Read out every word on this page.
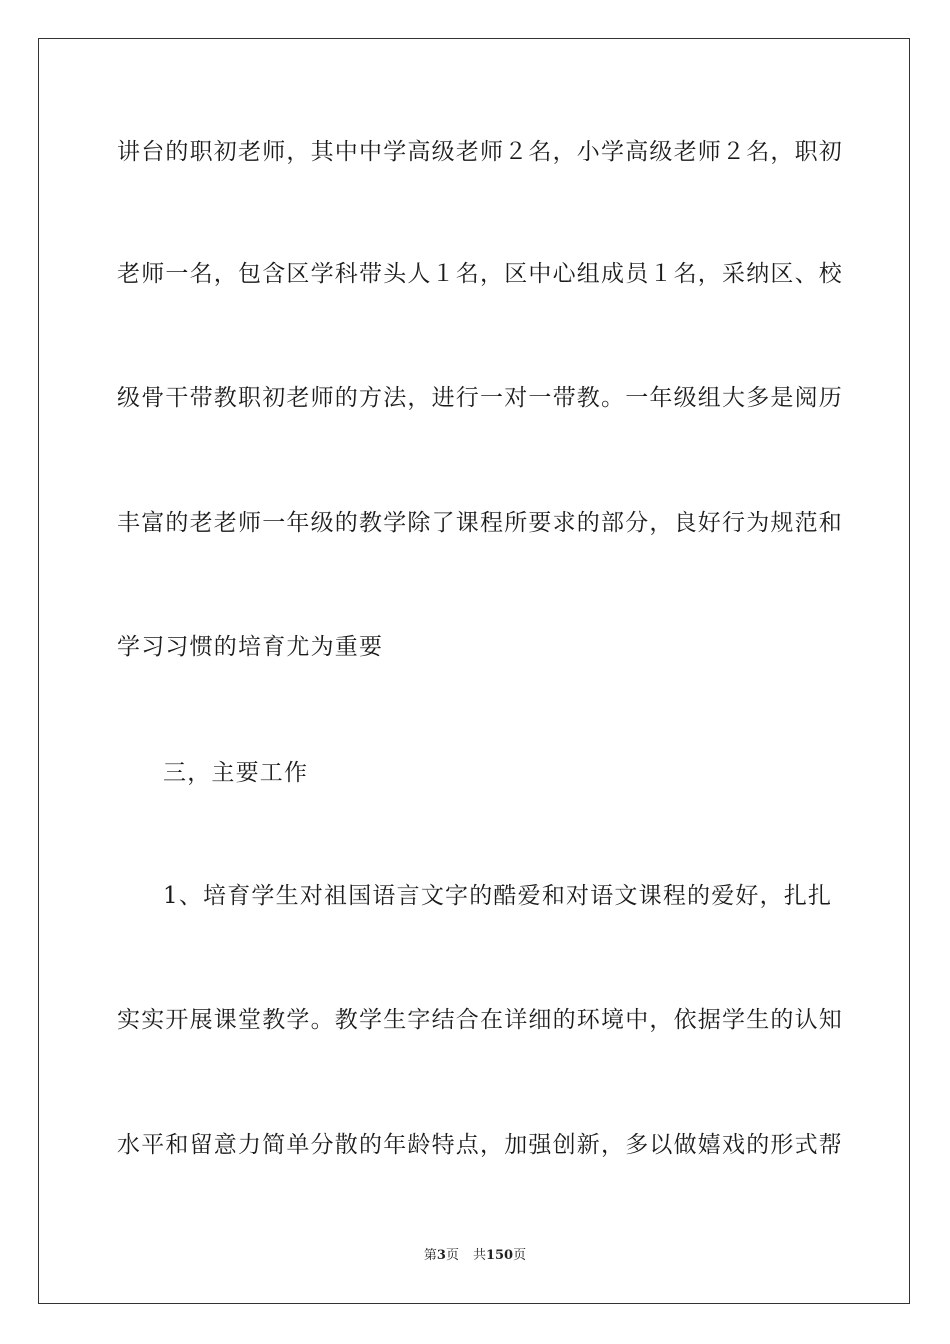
讲台的职初老师，其中中学高级老师２名，小学高级老师２名，职初
老师一名，包含区学科带头人１名，区中心组成员１名，采纳区、校
级骨干带教职初老师的方法，进行一对一带教。一年级组大多是阅历
丰富的老老师一年级的教学除了课程所要求的部分，良好行为规范和
学习习惯的培育尤为重要
三，主要工作
1、培育学生对祖国语言文字的酷爱和对语文课程的爱好，扎扎
实实开展课堂教学。教学生字结合在详细的环境中，依据学生的认知
水平和留意力简单分散的年龄特点，加强创新，多以做嬉戏的形式帮
第3页 共150页
